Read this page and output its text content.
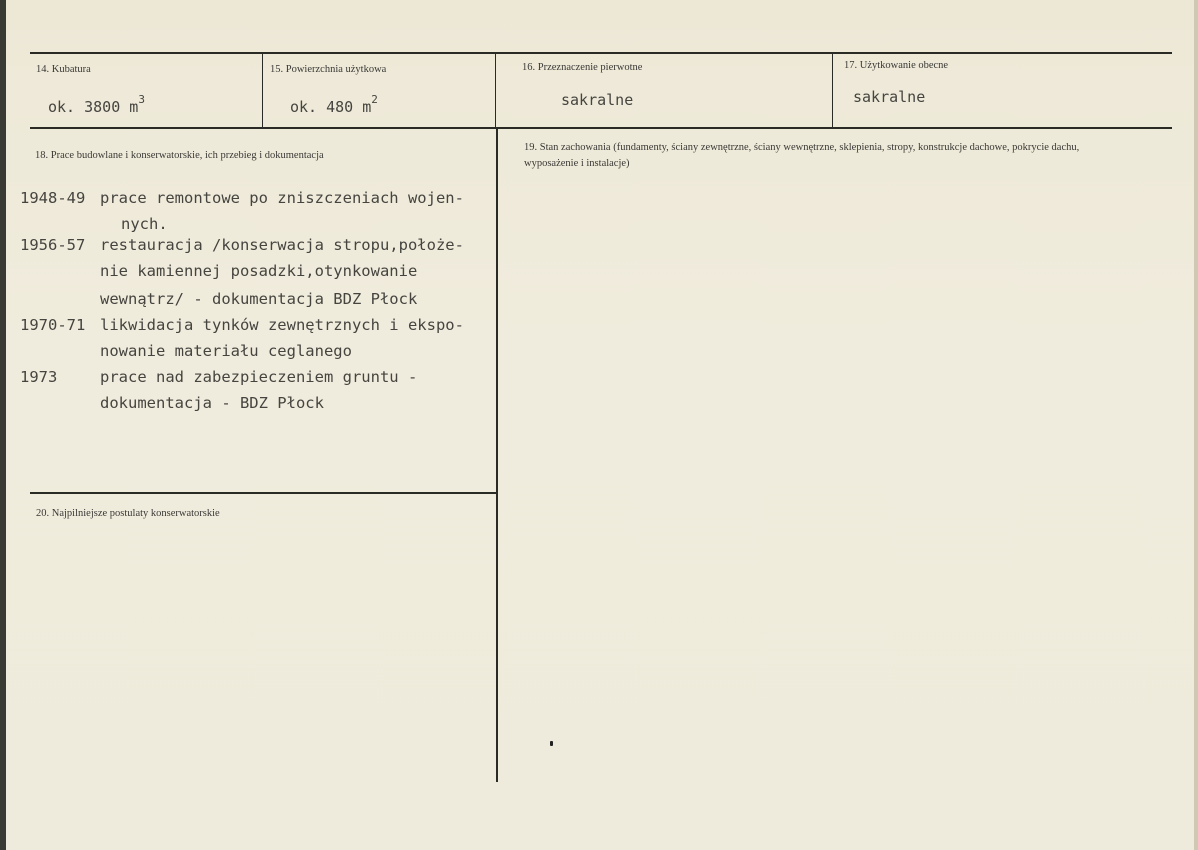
14. Kubatura

ok. 3800 $m^3$

15. Powierzchnia użytkowa

ok. 480 $m^2$

16. Przeznaczenie pierwotne

sakralne

17. Użytkowanie obecne

sakralne

18. Prace budowlane i konserwatorskie, ich przebieg i dokumentacja

1948-49 prace remontowe po zniszczeniach wojen-
nych.
1956-57 restauracja /konserwacja stropu,położe-
nie kamiennej posadzki,otynkowanie
wewnątrz/ - dokumentacja BDZ Płock
1970-71 likwidacja tynków zewnętrznych i ekspo-
nowanie materiału ceglanego
1973	prace nad zabezpieczeniem gruntu -
dokumentacja - BDZ Płock

19. Stan zachowania (fundamenty, ściany zewnętrzne, ściany wewnętrzne, sklepienia, stropy, konstrukcje dachowe, pokrycie dachu, wyposażenie i instalacje)

20. Najpilniejsze postulaty konserwatorskie
